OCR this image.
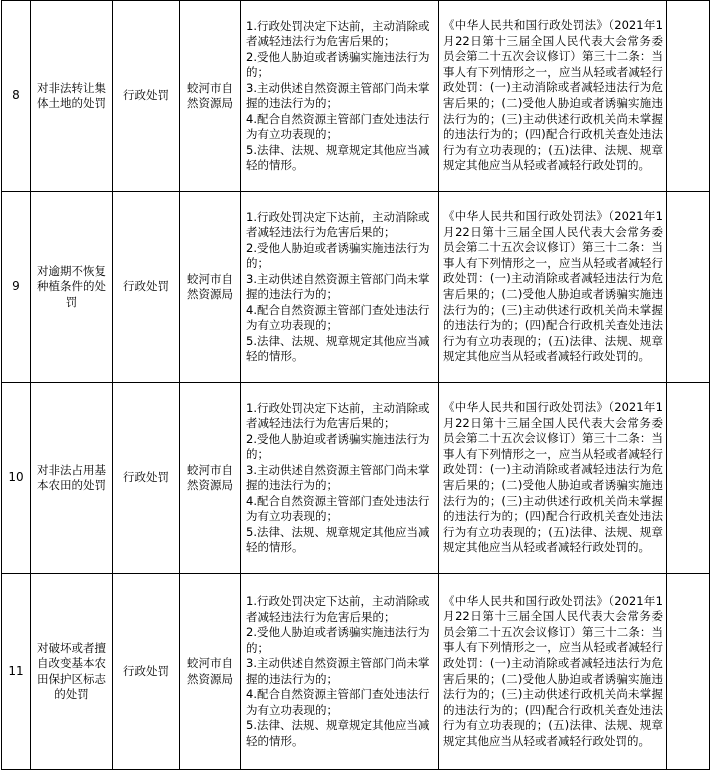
8	对非法转让集体土地的处罚	行政处罚	蛟河市自然资源局	1.行政处罚决定下达前，主动消除或者减轻违法行为危害后果的；
2.受他人胁迫或者诱骗实施违法行为的；
3.主动供述自然资源主管部门尚未掌握的违法行为的；
4.配合自然资源主管部门查处违法行为有立功表现的；
5.法律、法规、规章规定其他应当减轻的情形。	《中华人民共和国行政处罚法》（2021年1月22日第十三届全国人民代表大会常务委员会第二十五次会议修订）第三十二条：当事人有下列情形之一，应当从轻或者减轻行政处罚：(一)主动消除或者减轻违法行为危害后果的；(二)受他人胁迫或者诱骗实施违法行为的；(三)主动供述行政机关尚未掌握的违法行为的；(四)配合行政机关查处违法行为有立功表现的；(五)法律、法规、规章规定其他应当从轻或者减轻行政处罚的。	
9	对逾期不恢复种植条件的处罚	行政处罚	蛟河市自然资源局	1.行政处罚决定下达前，主动消除或者减轻违法行为危害后果的；
2.受他人胁迫或者诱骗实施违法行为的；
3.主动供述自然资源主管部门尚未掌握的违法行为的；
4.配合自然资源主管部门查处违法行为有立功表现的；
5.法律、法规、规章规定其他应当减轻的情形。	《中华人民共和国行政处罚法》（2021年1月22日第十三届全国人民代表大会常务委员会第二十五次会议修订）第三十二条：当事人有下列情形之一，应当从轻或者减轻行政处罚：(一)主动消除或者减轻违法行为危害后果的；(二)受他人胁迫或者诱骗实施违法行为的；(三)主动供述行政机关尚未掌握的违法行为的；(四)配合行政机关查处违法行为有立功表现的；(五)法律、法规、规章规定其他应当从轻或者减轻行政处罚的。	
10	对非法占用基本农田的处罚	行政处罚	蛟河市自然资源局	1.行政处罚决定下达前，主动消除或者减轻违法行为危害后果的；
2.受他人胁迫或者诱骗实施违法行为的；
3.主动供述自然资源主管部门尚未掌握的违法行为的；
4.配合自然资源主管部门查处违法行为有立功表现的；
5.法律、法规、规章规定其他应当减轻的情形。	《中华人民共和国行政处罚法》（2021年1月22日第十三届全国人民代表大会常务委员会第二十五次会议修订）第三十二条：当事人有下列情形之一，应当从轻或者减轻行政处罚：(一)主动消除或者减轻违法行为危害后果的；(二)受他人胁迫或者诱骗实施违法行为的；(三)主动供述行政机关尚未掌握的违法行为的；(四)配合行政机关查处违法行为有立功表现的；(五)法律、法规、规章规定其他应当从轻或者减轻行政处罚的。	
11	对破坏或者擅自改变基本农田保护区标志的处罚	行政处罚	蛟河市自然资源局	1.行政处罚决定下达前，主动消除或者减轻违法行为危害后果的；
2.受他人胁迫或者诱骗实施违法行为的；
3.主动供述自然资源主管部门尚未掌握的违法行为的；
4.配合自然资源主管部门查处违法行为有立功表现的；
5.法律、法规、规章规定其他应当减轻的情形。	《中华人民共和国行政处罚法》（2021年1月22日第十三届全国人民代表大会常务委员会第二十五次会议修订）第三十二条：当事人有下列情形之一，应当从轻或者减轻行政处罚：(一)主动消除或者减轻违法行为危害后果的；(二)受他人胁迫或者诱骗实施违法行为的；(三)主动供述行政机关尚未掌握的违法行为的；(四)配合行政机关查处违法行为有立功表现的；(五)法律、法规、规章规定其他应当从轻或者减轻行政处罚的。	
